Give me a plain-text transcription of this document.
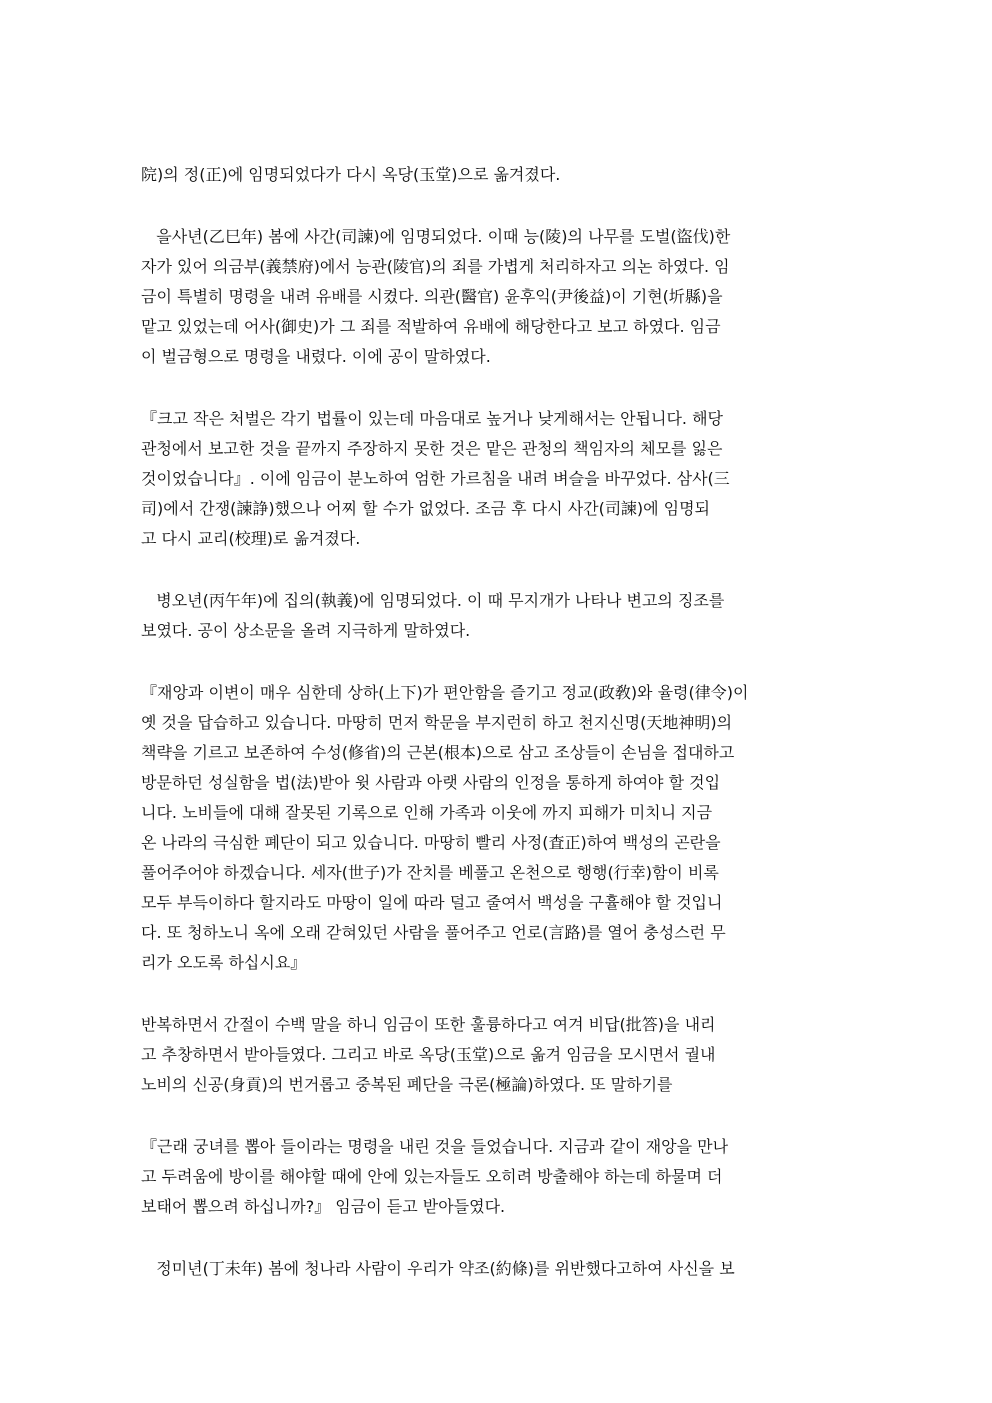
院)의 정(正)에 임명되었다가 다시 옥당(玉堂)으로 옮겨졌다.
을사년(乙巳年) 봄에 사간(司諫)에 임명되었다. 이때 능(陵)의 나무를 도벌(盜伐)한
자가 있어 의금부(義禁府)에서 능관(陵官)의 죄를 가볍게 처리하자고 의논 하였다. 임
금이 특별히 명령을 내려 유배를 시켰다. 의관(醫官) 윤후익(尹後益)이 기현(圻縣)을
맡고 있었는데 어사(御史)가 그 죄를 적발하여 유배에 해당한다고 보고 하였다. 임금
이 벌금형으로 명령을 내렸다. 이에 공이 말하였다.
『크고 작은 처벌은 각기 법률이 있는데 마음대로 높거나 낮게해서는 안됩니다. 해당
관청에서 보고한 것을 끝까지 주장하지 못한 것은 맡은 관청의 책임자의 체모를 잃은
것이었습니다』. 이에 임금이 분노하여 엄한 가르침을 내려 벼슬을 바꾸었다. 삼사(三
司)에서 간쟁(諫諍)했으나 어찌 할 수가 없었다. 조금 후 다시 사간(司諫)에 임명되
고 다시 교리(校理)로 옮겨졌다.
병오년(丙午年)에 집의(執義)에 임명되었다. 이 때 무지개가 나타나 변고의 징조를
보였다. 공이 상소문을 올려 지극하게 말하였다.
『재앙과 이변이 매우 심한데 상하(上下)가 편안함을 즐기고 정교(政敎)와 율령(律令)이
옛 것을 답습하고 있습니다. 마땅히 먼저 학문을 부지런히 하고 천지신명(天地神明)의
책략을 기르고 보존하여 수성(修省)의 근본(根本)으로 삼고 조상들이 손님을 접대하고
방문하던 성실함을 법(法)받아 윗 사람과 아랫 사람의 인정을 통하게 하여야 할 것입
니다. 노비들에 대해 잘못된 기록으로 인해 가족과 이웃에 까지 피해가 미치니 지금
온 나라의 극심한 폐단이 되고 있습니다. 마땅히 빨리 사정(査正)하여 백성의 곤란을
풀어주어야 하겠습니다. 세자(世子)가 잔치를 베풀고 온천으로 행행(行幸)함이 비록
모두 부득이하다 할지라도 마땅이 일에 따라 덜고 줄여서 백성을 구휼해야 할 것입니
다. 또 청하노니 옥에 오래 갇혀있던 사람을 풀어주고 언로(言路)를 열어 충성스런 무
리가 오도록 하십시요』
반복하면서 간절이 수백 말을 하니 임금이 또한 훌륭하다고 여겨 비답(批答)을 내리
고 추창하면서 받아들였다. 그리고 바로 옥당(玉堂)으로 옮겨 임금을 모시면서 궐내
노비의 신공(身貢)의 번거롭고 중복된 폐단을 극론(極論)하였다. 또 말하기를
『근래 궁녀를 뽑아 들이라는 명령을 내린 것을 들었습니다. 지금과 같이 재앙을 만나
고 두려움에 방이를 해야할 때에 안에 있는자들도 오히려 방출해야 하는데 하물며 더
보태어 뽑으려 하십니까?』 임금이 듣고 받아들였다.
정미년(丁未年) 봄에 청나라 사람이 우리가 약조(約條)를 위반했다고하여 사신을 보
